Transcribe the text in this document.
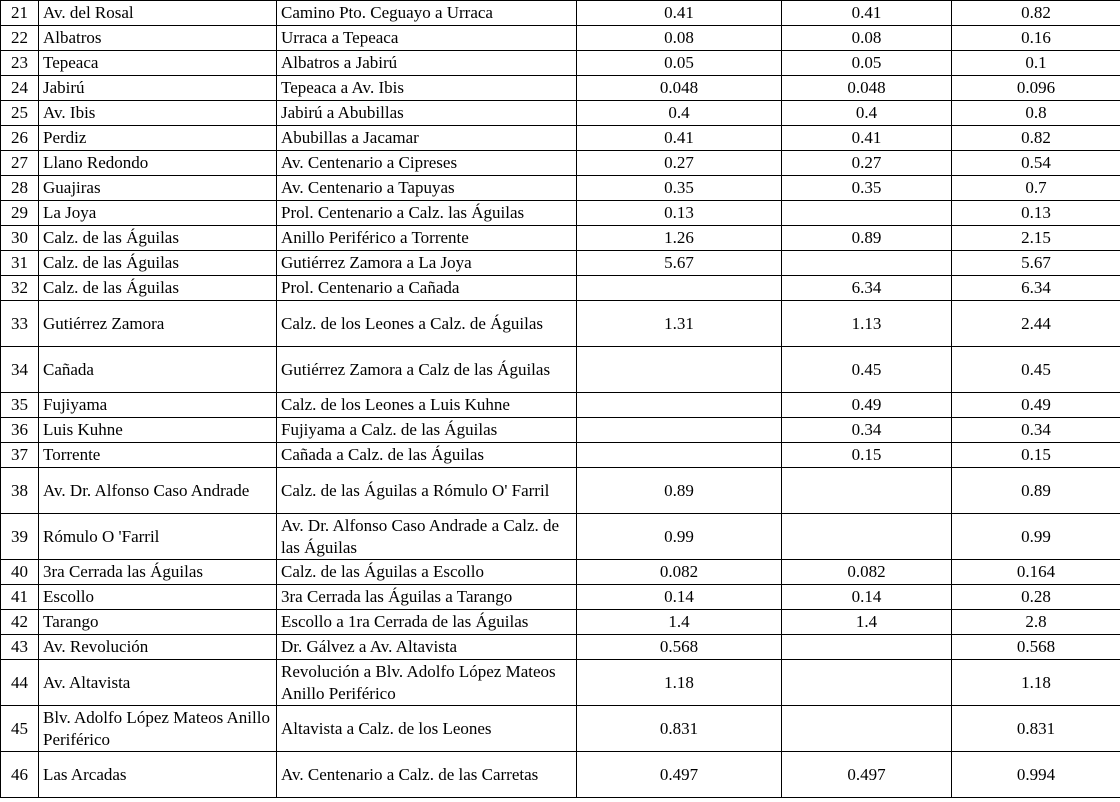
21	Av. del Rosal	Camino Pto. Ceguayo a Urraca	0.41	0.41	0.82
22	Albatros	Urraca a Tepeaca	0.08	0.08	0.16
23	Tepeaca	Albatros a Jabirú	0.05	0.05	0.1
24	Jabirú	Tepeaca a Av. Ibis	0.048	0.048	0.096
25	Av. Ibis	Jabirú a Abubillas	0.4	0.4	0.8
26	Perdiz	Abubillas a Jacamar	0.41	0.41	0.82
27	Llano Redondo	Av. Centenario a Cipreses	0.27	0.27	0.54
28	Guajiras	Av. Centenario a Tapuyas	0.35	0.35	0.7
29	La Joya	Prol. Centenario a Calz. las Águilas	0.13		0.13
30	Calz. de las Águilas	Anillo Periférico a Torrente	1.26	0.89	2.15
31	Calz. de las Águilas	Gutiérrez Zamora a La Joya	5.67		5.67
32	Calz. de las Águilas	Prol. Centenario a Cañada		6.34	6.34
33	Gutiérrez Zamora	Calz. de los Leones a Calz. de Águilas	1.31	1.13	2.44
34	Cañada	Gutiérrez Zamora a Calz de las Águilas		0.45	0.45
35	Fujiyama	Calz. de los Leones a Luis Kuhne		0.49	0.49
36	Luis Kuhne	Fujiyama a Calz. de las Águilas		0.34	0.34
37	Torrente	Cañada a Calz. de las Águilas		0.15	0.15
38	Av. Dr. Alfonso Caso Andrade	Calz. de las Águilas a Rómulo O' Farril	0.89		0.89
39	Rómulo O 'Farril	Av. Dr. Alfonso Caso Andrade a Calz. de las Águilas	0.99		0.99
40	3ra Cerrada las Águilas	Calz. de las Águilas a Escollo	0.082	0.082	0.164
41	Escollo	3ra Cerrada las Águilas a Tarango	0.14	0.14	0.28
42	Tarango	Escollo a 1ra Cerrada de las Águilas	1.4	1.4	2.8
43	Av. Revolución	Dr. Gálvez a Av. Altavista	0.568		0.568
44	Av. Altavista	Revolución a Blv. Adolfo López Mateos Anillo Periférico	1.18		1.18
45	Blv. Adolfo López Mateos Anillo Periférico	Altavista a Calz. de los Leones	0.831		0.831
46	Las Arcadas	Av. Centenario a Calz. de las Carretas	0.497	0.497	0.994
